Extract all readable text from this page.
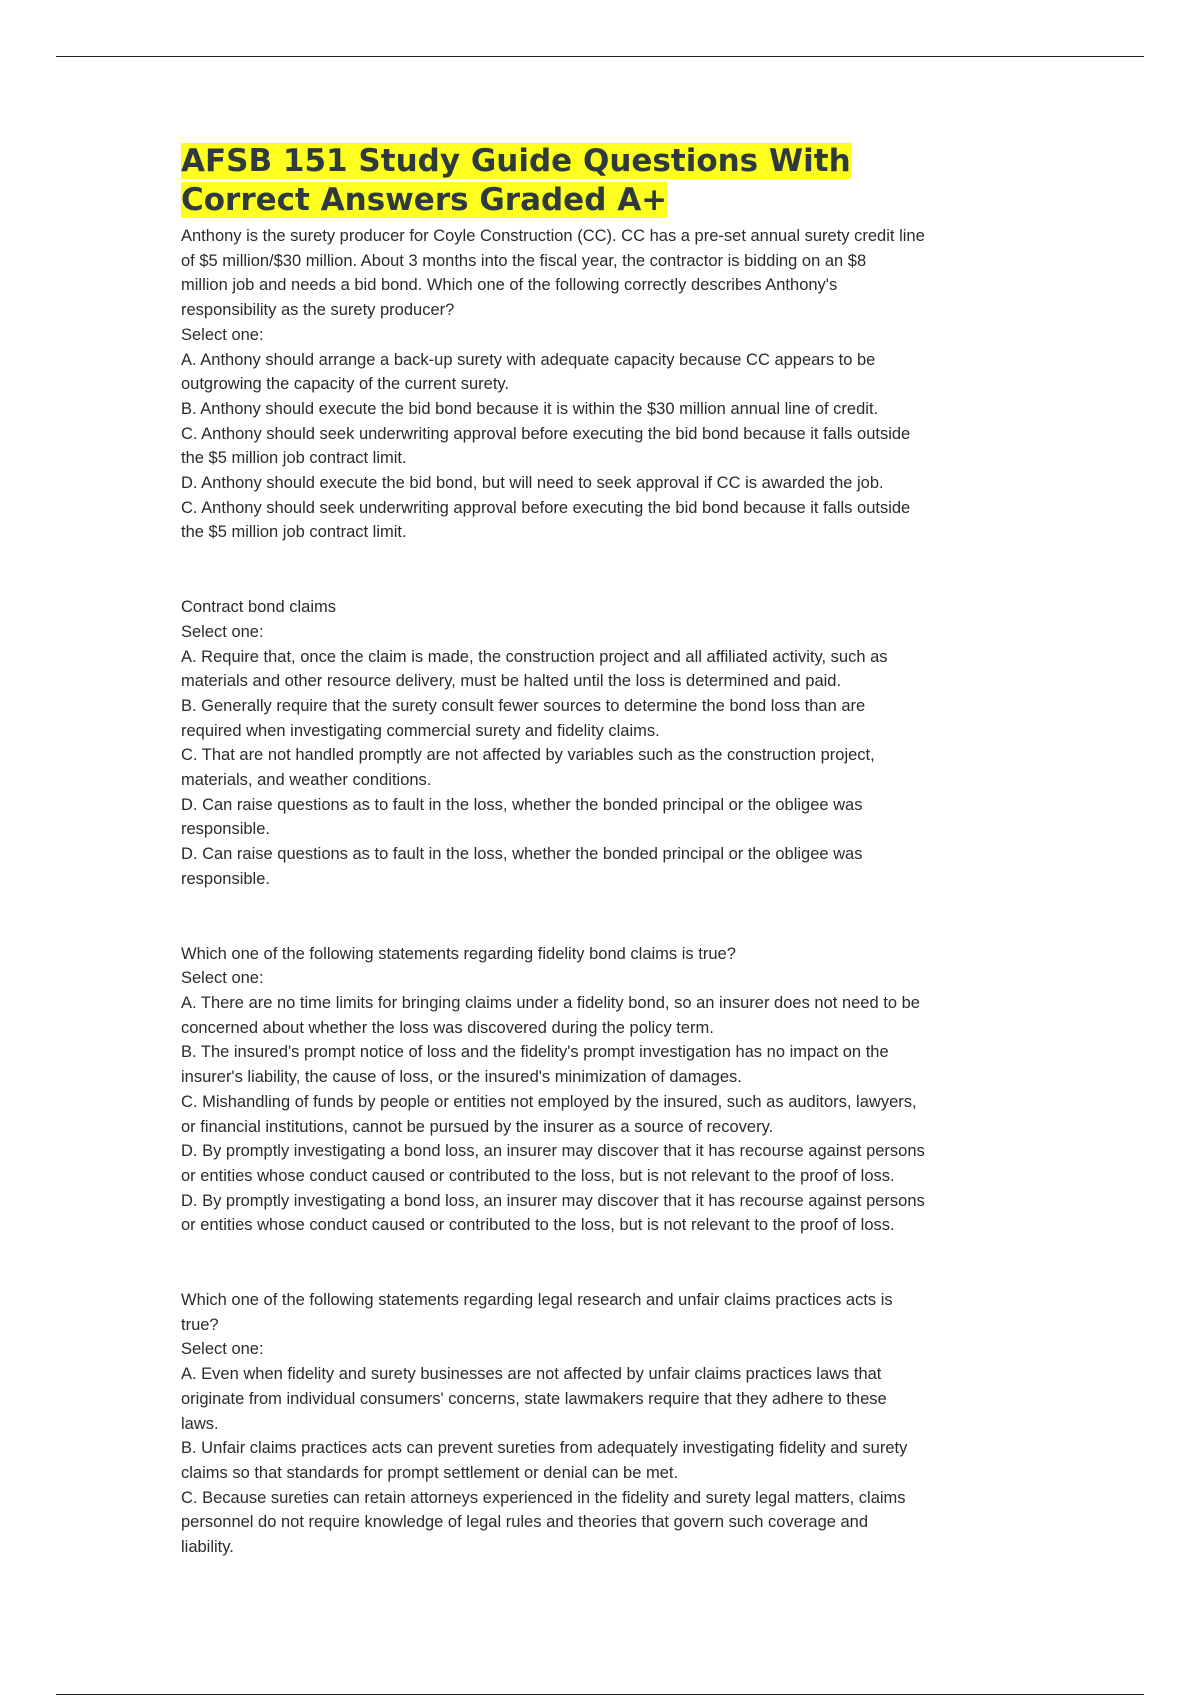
AFSB 151 Study Guide Questions With
Correct Answers Graded A+
Anthony is the surety producer for Coyle Construction (CC). CC has a pre-set annual surety credit line
of $5 million/$30 million. About 3 months into the fiscal year, the contractor is bidding on an $8
million job and needs a bid bond. Which one of the following correctly describes Anthony's
responsibility as the surety producer?
Select one:
A. Anthony should arrange a back-up surety with adequate capacity because CC appears to be
outgrowing the capacity of the current surety.
B. Anthony should execute the bid bond because it is within the $30 million annual line of credit.
C. Anthony should seek underwriting approval before executing the bid bond because it falls outside
the $5 million job contract limit.
D. Anthony should execute the bid bond, but will need to seek approval if CC is awarded the job.
C. Anthony should seek underwriting approval before executing the bid bond because it falls outside
the $5 million job contract limit.
Contract bond claims
Select one:
A. Require that, once the claim is made, the construction project and all affiliated activity, such as
materials and other resource delivery, must be halted until the loss is determined and paid.
B. Generally require that the surety consult fewer sources to determine the bond loss than are
required when investigating commercial surety and fidelity claims.
C. That are not handled promptly are not affected by variables such as the construction project,
materials, and weather conditions.
D. Can raise questions as to fault in the loss, whether the bonded principal or the obligee was
responsible.
D. Can raise questions as to fault in the loss, whether the bonded principal or the obligee was
responsible.
Which one of the following statements regarding fidelity bond claims is true?
Select one:
A. There are no time limits for bringing claims under a fidelity bond, so an insurer does not need to be
concerned about whether the loss was discovered during the policy term.
B. The insured's prompt notice of loss and the fidelity's prompt investigation has no impact on the
insurer's liability, the cause of loss, or the insured's minimization of damages.
C. Mishandling of funds by people or entities not employed by the insured, such as auditors, lawyers,
or financial institutions, cannot be pursued by the insurer as a source of recovery.
D. By promptly investigating a bond loss, an insurer may discover that it has recourse against persons
or entities whose conduct caused or contributed to the loss, but is not relevant to the proof of loss.
D. By promptly investigating a bond loss, an insurer may discover that it has recourse against persons
or entities whose conduct caused or contributed to the loss, but is not relevant to the proof of loss.
Which one of the following statements regarding legal research and unfair claims practices acts is
true?
Select one:
A. Even when fidelity and surety businesses are not affected by unfair claims practices laws that
originate from individual consumers' concerns, state lawmakers require that they adhere to these
laws.
B. Unfair claims practices acts can prevent sureties from adequately investigating fidelity and surety
claims so that standards for prompt settlement or denial can be met.
C. Because sureties can retain attorneys experienced in the fidelity and surety legal matters, claims
personnel do not require knowledge of legal rules and theories that govern such coverage and
liability.
